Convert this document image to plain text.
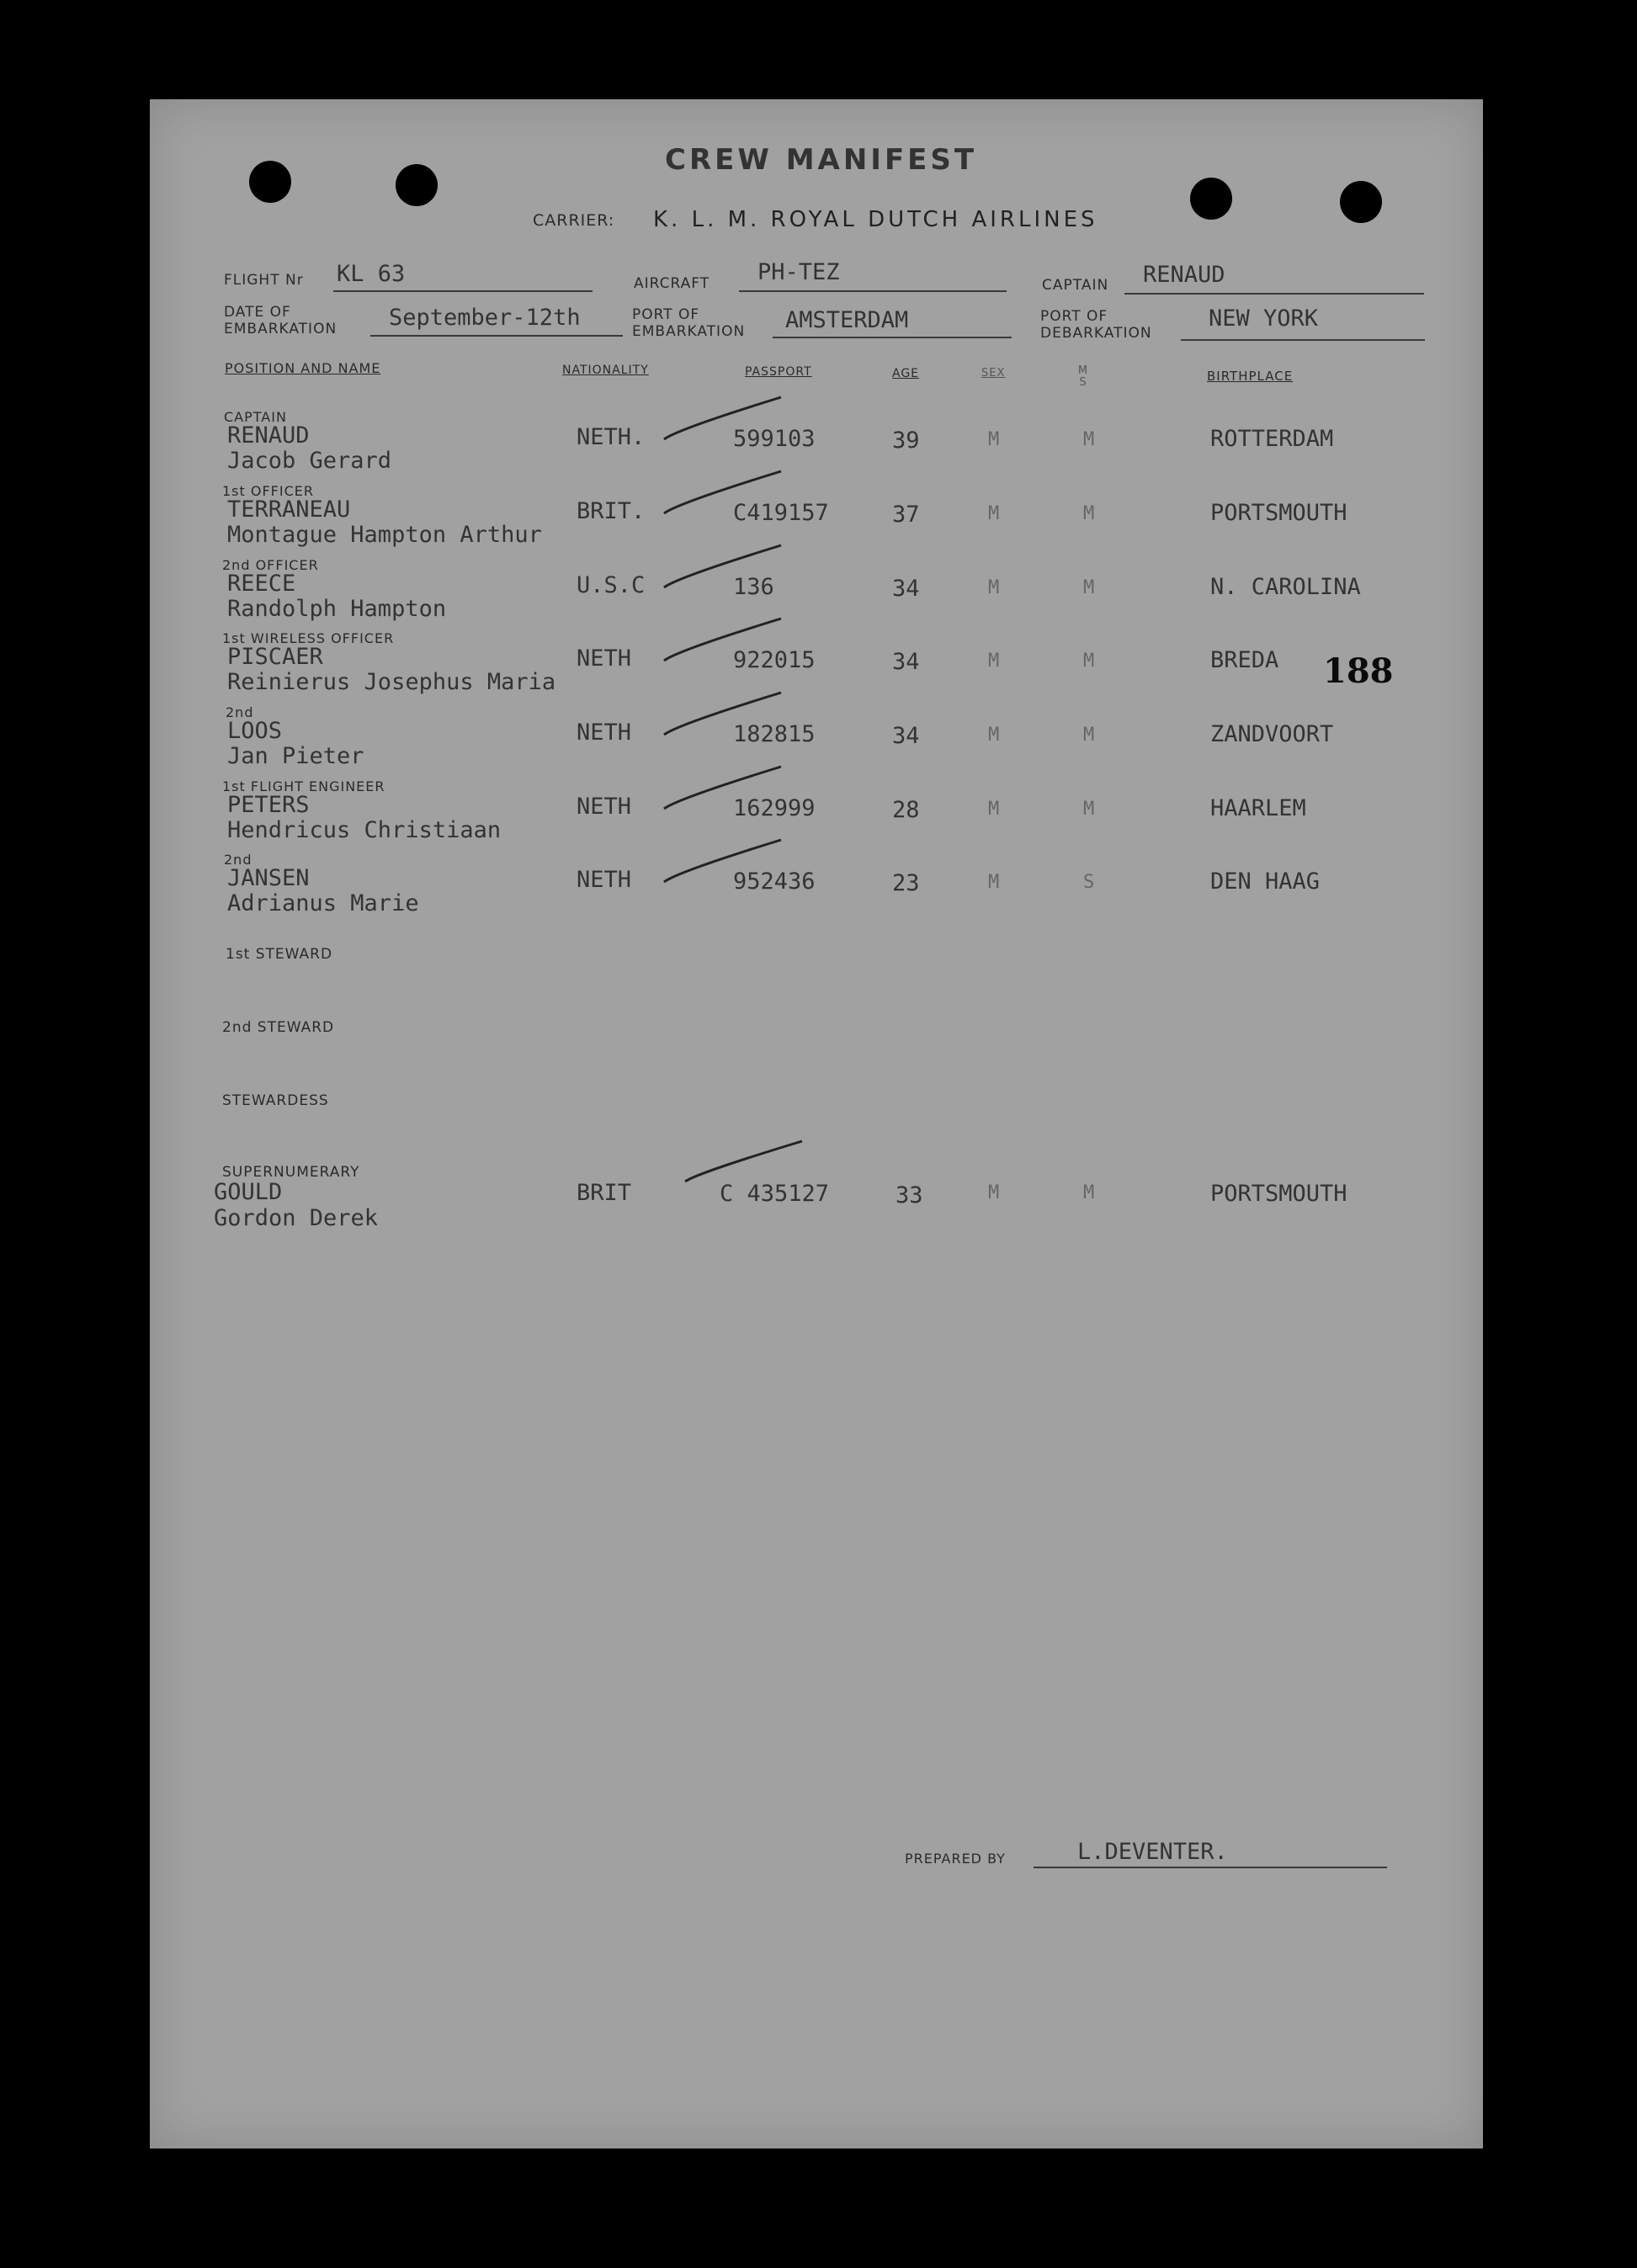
CREW MANIFEST
CARRIER: K. L. M. ROYAL DUTCH AIRLINES
FLIGHT Nr KL 63	AIRCRAFT PH-TEZ	CAPTAIN RENAUD
DATE OF
EMBARKATION September-12th	PORT OF
EMBARKATION AMSTERDAM	PORT OF
DEBARKATION
NEW YORK
POSITION AND NAME	NATIONALITY	PASSPORT	AGE	SEX	M S	BIRTHPLACE
CAPTAIN
RENAUD
Jacob Gerard
NETH.	599103	39	M	M	ROTTERDAM
1st OFFICER
TERRANEAU
Montague Hampton Arthur
BRIT.	C419157	37	M	M	PORTSMOUTH
2nd OFFICER
REECE
Randolph Hampton
U.S.C	136	34	M	M	N. CAROLINA
1st WIRELESS OFFICER
PISCAER
Reinierus Josephus Maria
NETH	922015	34	M	M	BREDA
2nd
LOOS
Jan Pieter
NETH	182815	34	M	M	ZANDVOORT
1st FLIGHT ENGINEER
PETERS
Hendricus Christiaan
NETH	162999	28	M	M	HAARLEM
2nd
JANSEN
Adrianus Marie
NETH	952436	23	M	S	DEN HAAG
1st STEWARD
2nd STEWARD
STEWARDESS
SUPERNUMERARY
GOULD
Gordon Derek
BRIT	C 435127	33	M	M	PORTSMOUTH
188
PREPARED BY	L.DEVENTER.
